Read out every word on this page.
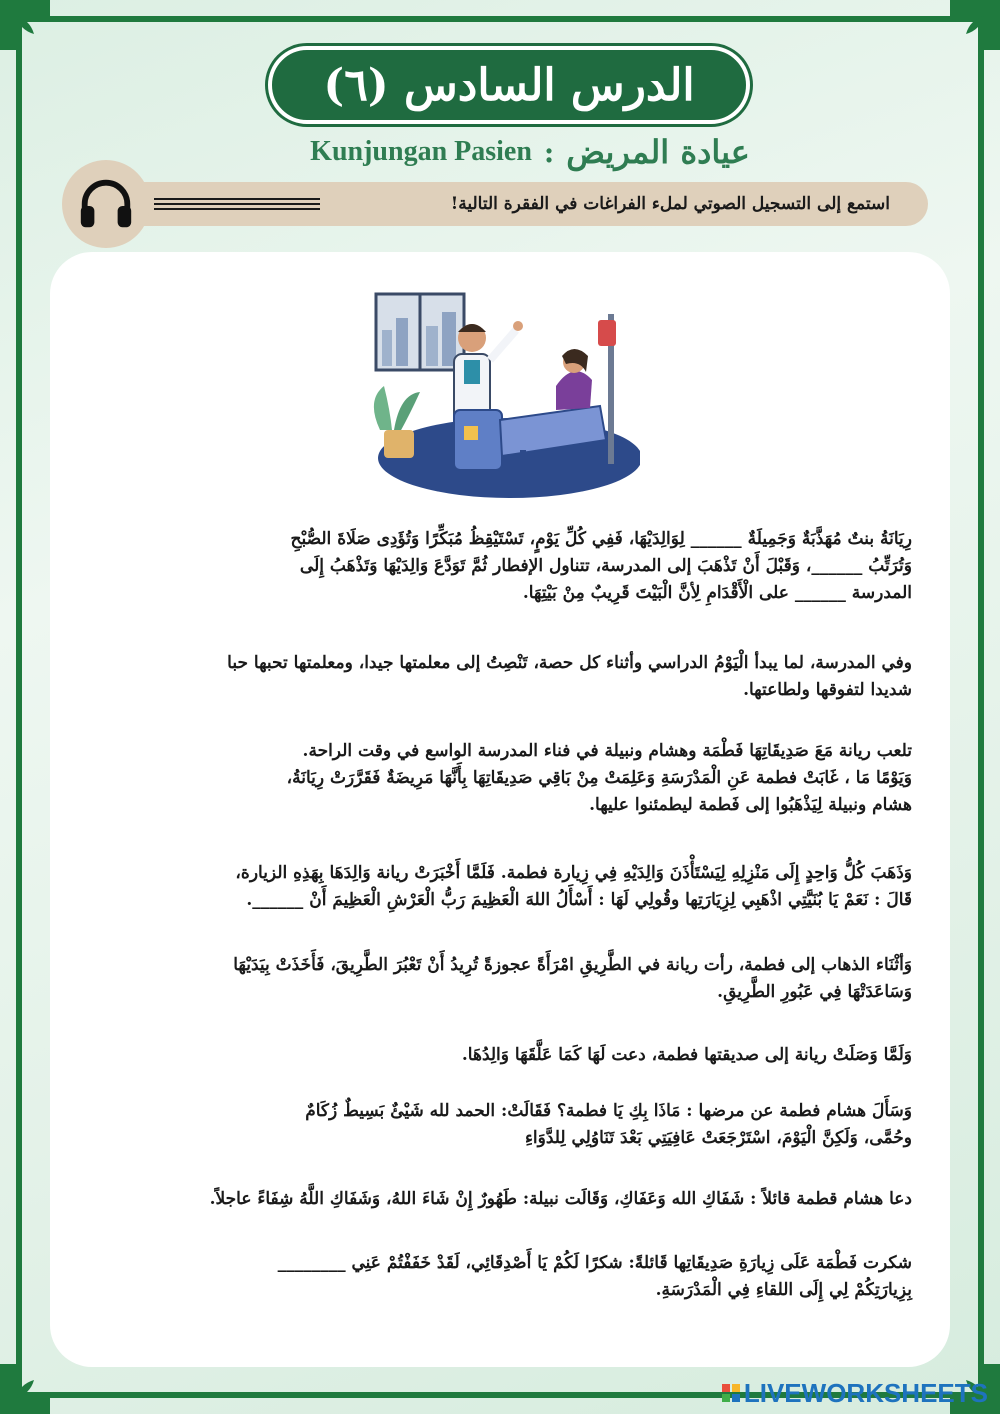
الدرس السادس (٦)
Kunjungan Pasien : عيادة المريض
استمع إلى التسجيل الصوتي لملء الفراغات في الفقرة التالية!

رِيَانَةُ بنتٌ مُهَذَّبَةٌ وَجَمِيلَةٌ ______ لِوَالِدَيْهَا، فَفِي كُلِّ يَوْمٍ، تَسْتَيْقِظُ مُبَكِّرًا وَتُؤَدِى صَلَاةَ الصُّبْحِ

وَتُرَتِّبُ ______، وَقَبْلَ أَنْ تَذْهَبَ إلى المدرسة، تتناول الإفطار ثُمَّ تَوَدَّعَ وَالِدَيْهَا وَتَذْهَبُ إِلَى

المدرسة ______ على الْأَقْدَامِ لِأنَّ الْبَيْتَ قَرِيبٌ مِنْ بَيْتِهَا.

وفي المدرسة، لما يبدأ الْيَوْمُ الدراسي وأثناء كل حصة، تَنْصِتُ إلى معلمتها جيدا، ومعلمتها تحبها حبا

شديدا لتفوقها ولطاعتها.

تلعب ريانة مَعَ صَدِيقَاتِهَا فَطْمَة وهشام ونبيلة في فناء المدرسة الواسع في وقت الراحة.

وَيَوْمًا مَا ، غَابَتْ فطمة عَنِ الْمَدْرَسَةِ وَعَلِمَتْ مِنْ بَاقِي صَدِيقَاتِهَا بِأَنَّهَا مَرِيضَةٌ فَقَرَّرَتْ رِيَانَةُ،

هشام ونبيلة لِيَذْهَبُوا إلى فَطمة ليطمئنوا عليها.

وَذَهَبَ كُلُّ وَاحِدٍ إِلَى مَنْزِلِهِ لِيَسْتَأْذَنَ وَالِدَيْهِ فِي زِيارة فطمة. فَلَمَّا أَخْبَرَتْ ريانة وَالِدَهَا بِهَذِهِ الزيارة،

قَالَ : نَعَمْ يَا بُنَيَّتِي اذْهَبِي لِزِيَارَتِها وقُولِي لَهَا : أَسْأَلُ اللهَ الْعَظِيمَ رَبُّ الْعَرْشِ الْعَظِيمَ أَنْ ______.

وَأثْنَاء الذهاب إلى فطمة، رأت ريانة في الطَّرِيقِ امْرَأَةً عجوزةً تُرِيدُ أَنْ تَعْبُرَ الطَّرِيقَ، فَأَخَذَتْ بِيَدَيْهَا

وَسَاعَدَتْهَا فِي عَبُورِ الطَّرِيقِ.

وَلَمَّا وَصَلَتْ ريانة إلى صديقتها فطمة، دعت لَهَا كَمَا عَلَّقَهَا وَالِدُهَا.

وَسَأَلَ هشام فطمة عن مرضها : مَاذَا بِكِ يَا فطمة؟ فَقَالَتْ: الحمد لله شَيْئٌ بَسِيطٌ زُكَامٌ

وحُمَّى، وَلَكِنَّ الْيَوْمَ، اسْتَرْجَعَتْ عَافِيَتِي بَعْدَ تَنَاوُلِي لِلدَّوَاءِ

دعا هشام قطمة قائلاً : شَفَاكِ الله وَعَفَاكِ، وَقَالَت نبيلة: طَهُورٌ إِنْ شَاءَ اللهُ، وَشَفَاكِ اللَّهُ شِفَاءً عاجلاً.

شكرت فَطْمَة عَلَى زِيارَةِ صَدِيقَاتِها قَائلةً: شكرًا لَكُمْ يَا أَصْدِقَائِي، لَقَدْ خَفَفْتُمْ عَنِي ________

بِزِيارَتِكُمْ لِي إِلَى اللقاءِ فِي الْمَدْرَسَةِ.

LIVEWORKSHEETS
